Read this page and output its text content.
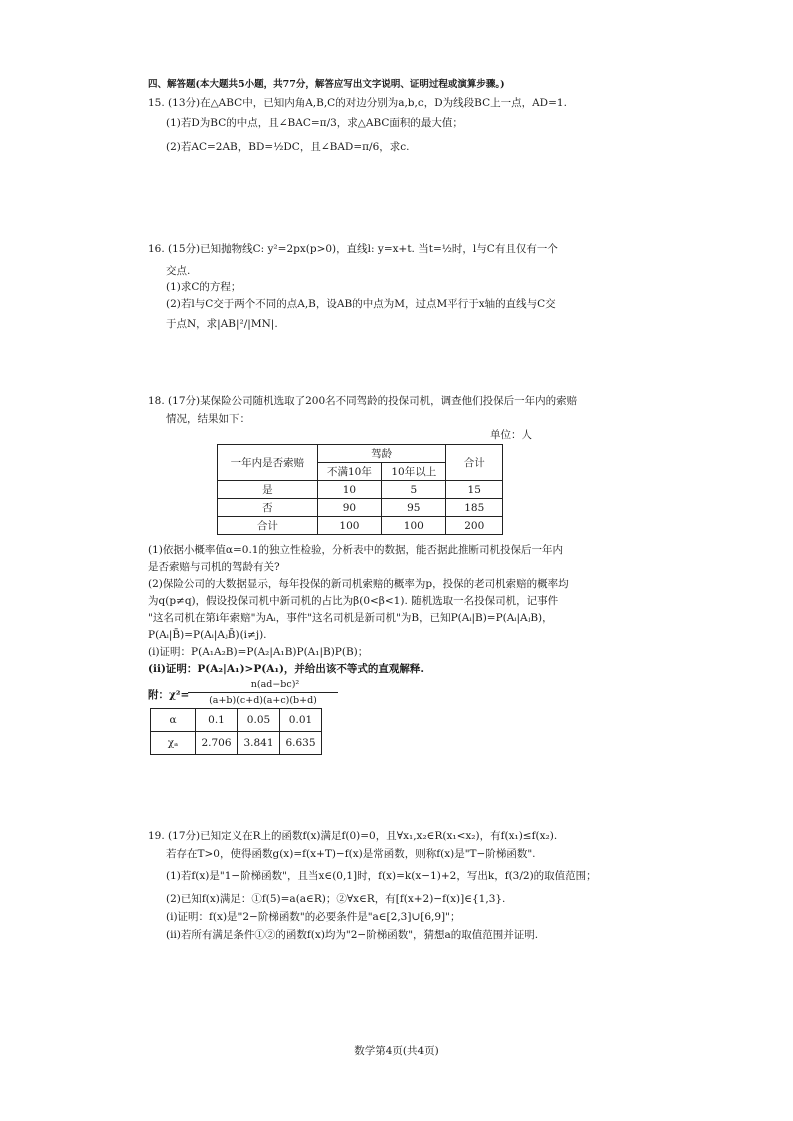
四、解答题(本大题共5小题，共77分，解答应写出文字说明、证明过程或演算步骤。)
15. (13分)在△ABC中，已知内角A,B,C的对边分别为a,b,c，D为线段BC上一点，AD=1.
(1)若D为BC的中点，且∠BAC=π/3，求△ABC面积的最大值；
(2)若AC=2AB，BD=½DC，且∠BAD=π/6，求c.
16. (15分)已知抛物线C: y²=2px(p>0)，直线l: y=x+t. 当t=½时，l与C有且仅有一个
交点.
(1)求C的方程；
(2)若l与C交于两个不同的点A,B，设AB的中点为M，过点M平行于x轴的直线与C交
于点N，求|AB|²/|MN|.
18. (17分)某保险公司随机选取了200名不同驾龄的投保司机，调查他们投保后一年内的索赔
情况，结果如下：
单位：人
一年内是否索赔	驾龄		合计
	不满10年	10年以上	
是	10	5	15
否	90	95	185
合计	100	100	200
(1)依据小概率值α=0.1的独立性检验，分析表中的数据，能否据此推断司机投保后一年内
是否索赔与司机的驾龄有关?
(2)保险公司的大数据显示，每年投保的新司机索赔的概率为p，投保的老司机索赔的概率均
为q(p≠q)，假设投保司机中新司机的占比为β(0<β<1). 随机选取一名投保司机，记事件
"这名司机在第i年索赔"为Aᵢ，事件"这名司机是新司机"为B，已知P(Aᵢ|B)=P(Aᵢ|AⱼB)，
P(Aᵢ|B̄)=P(Aᵢ|AⱼB̄)(i≠j).
(ⅰ)证明：P(A₁A₂B)=P(A₂|A₁B)P(A₁|B)P(B)；
(ⅱ)证明：P(A₂|A₁)>P(A₁)，并给出该不等式的直观解释.
附：χ²=
n(ad−bc)²
(a+b)(c+d)(a+c)(b+d)
α	0.1	0.05	0.01
χₐ	2.706	3.841	6.635
19. (17分)已知定义在R上的函数f(x)满足f(0)=0，且∀x₁,x₂∈R(x₁<x₂)，有f(x₁)≤f(x₂).
若存在T>0，使得函数g(x)=f(x+T)−f(x)是常函数，则称f(x)是"T−阶梯函数".
(1)若f(x)是"1−阶梯函数"，且当x∈(0,1]时，f(x)=k(x−1)+2，写出k，f(3/2)的取值范围；
(2)已知f(x)满足：①f(5)=a(a∈R)；②∀x∈R，有[f(x+2)−f(x)]∈{1,3}.
(ⅰ)证明：f(x)是"2−阶梯函数"的必要条件是"a∈[2,3]∪[6,9]"；
(ⅱ)若所有满足条件①②的函数f(x)均为"2−阶梯函数"，猜想a的取值范围并证明.
数学第4页(共4页)
